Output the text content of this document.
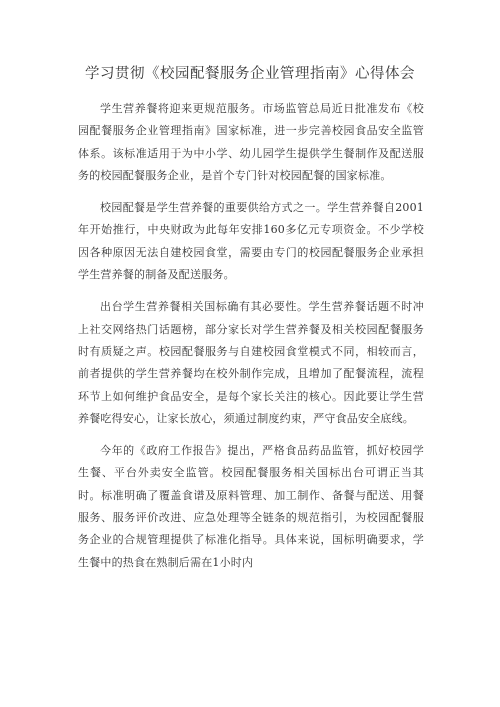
学习贯彻《校园配餐服务企业管理指南》心得体会

学生营养餐将迎来更规范服务。市场监管总局近日批准发布《校园配餐服务企业管理指南》国家标准，进一步完善校园食品安全监管体系。该标准适用于为中小学、幼儿园学生提供学生餐制作及配送服务的校园配餐服务企业，是首个专门针对校园配餐的国家标准。

校园配餐是学生营养餐的重要供给方式之一。学生营养餐自2001年开始推行，中央财政为此每年安排160多亿元专项资金。不少学校因各种原因无法自建校园食堂，需要由专门的校园配餐服务企业承担学生营养餐的制备及配送服务。

出台学生营养餐相关国标确有其必要性。学生营养餐话题不时冲上社交网络热门话题榜，部分家长对学生营养餐及相关校园配餐服务时有质疑之声。校园配餐服务与自建校园食堂模式不同，相较而言，前者提供的学生营养餐均在校外制作完成，且增加了配餐流程，流程环节上如何维护食品安全，是每个家长关注的核心。因此要让学生营养餐吃得安心，让家长放心，须通过制度约束，严守食品安全底线。

今年的《政府工作报告》提出，严格食品药品监管，抓好校园学生餐、平台外卖安全监管。校园配餐服务相关国标出台可谓正当其时。标准明确了覆盖食谱及原料管理、加工制作、备餐与配送、用餐服务、服务评价改进、应急处理等全链条的规范指引，为校园配餐服务企业的合规管理提供了标准化指导。具体来说，国标明确要求，学生餐中的热食在熟制后需在1小时内
